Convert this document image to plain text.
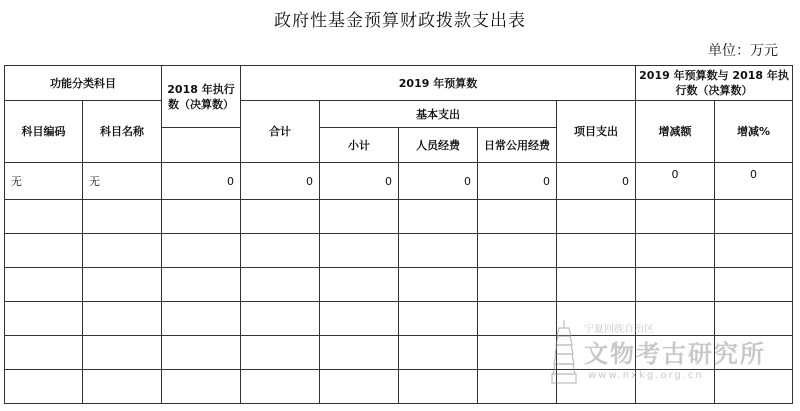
政府性基金预算财政拨款支出表
单位：万元
功能分类科目		2018 年执行数（决算数）	2019 年预算数					2019 年预算数与 2018 年执行数（决算数）	
科目编码	科目名称		合计	基本支出			项目支出	增减额	增减%
				小计	人员经费	日常公用经费			
无	无	0	0	0	0	0	0	0	0

宁夏回族自治区
文物考古研究所
www.nxkg.org.cn
